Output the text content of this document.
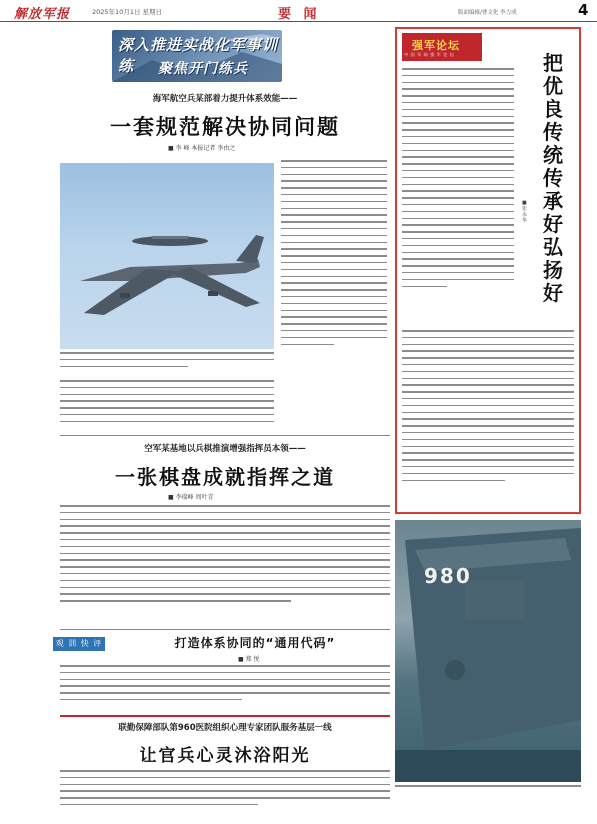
解放军报	2025年10月1日 星期日	要 闻	版面编辑/曹文化 李力成	4
深入推进实战化军事训练	聚焦开门练兵
海军航空兵某部着力提升体系效能——
一套规范解决协同问题
■ 李 峰 本报记者 李由之
空军某基地以兵棋推演增强指挥员本领——
一张棋盘成就指挥之道
■ 李瑞峰 周叶青
观 训 快 评	打造体系协同的“通用代码”
■ 郑 悦
联勤保障部队第960医院组织心理专家团队服务基层一线
让官兵心灵沐浴阳光
强军论坛
中 国 军 网 强 军 论 坛	把优良传统传承好弘扬好
■ 张 永 华
980
